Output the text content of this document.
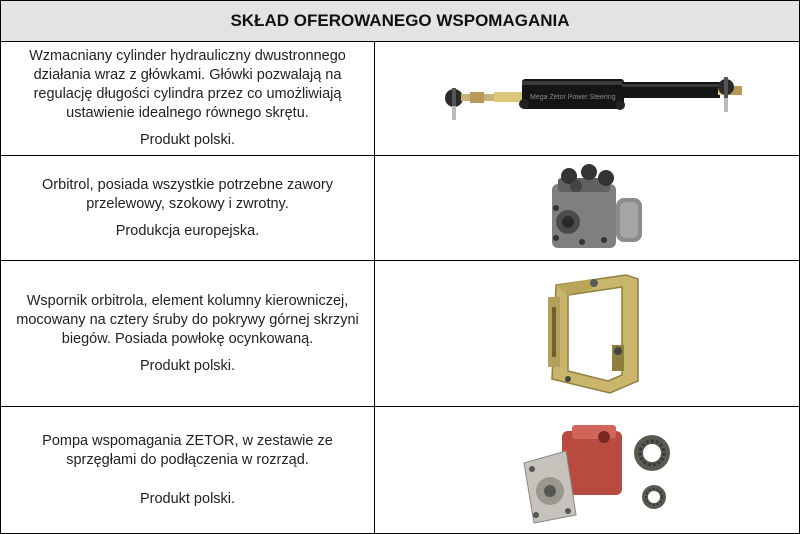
SKŁAD OFEROWANEGO WSPOMAGANIA

Wzmacniany cylinder hydrauliczny dwustronnego działania wraz z główkami. Główki pozwalają na regulację długości cylindra przez co umożliwiają ustawienie idealnego równego skrętu.

Produkt polski.

Mega Zetor Power Steering

Orbitrol, posiada wszystkie potrzebne zawory przelewowy, szokowy i zwrotny.

Produkcja europejska.

Wspornik orbitrola, element kolumny kierowniczej, mocowany na cztery śruby do pokrywy górnej skrzyni biegów. Posiada powłokę ocynkowaną.

Produkt polski.

Pompa wspomagania ZETOR, w zestawie ze sprzęgłami do podłączenia w rozrząd.

Produkt polski.
